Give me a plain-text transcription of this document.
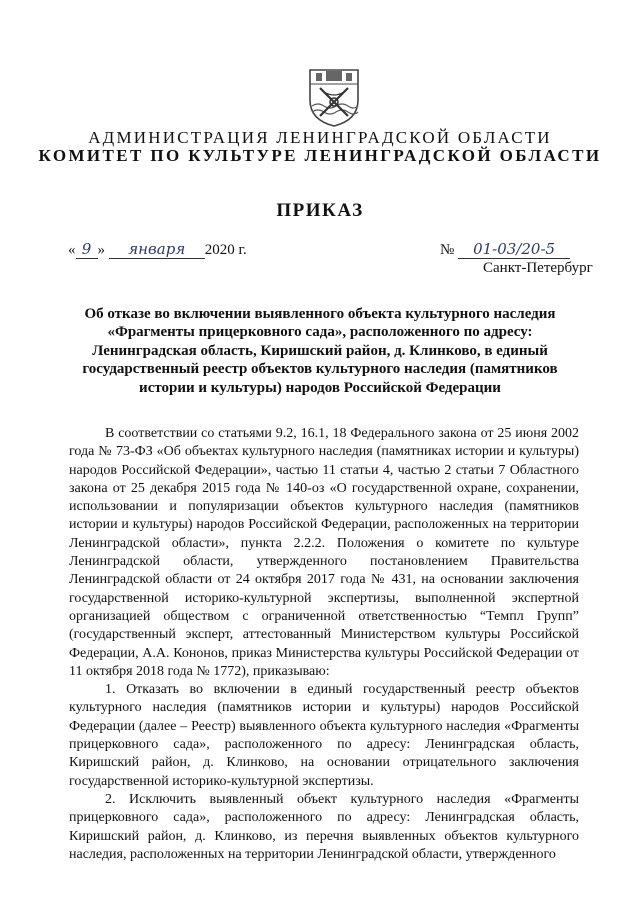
АДМИНИСТРАЦИЯ ЛЕНИНГРАДСКОЙ ОБЛАСТИ
КОМИТЕТ ПО КУЛЬТУРЕ ЛЕНИНГРАДСКОЙ ОБЛАСТИ
ПРИКАЗ
« 9 » января 2020 г.	№ 01-03/20-5
Санкт-Петербург
Об отказе во включении выявленного объекта культурного наследия «Фрагменты прицерковного сада», расположенного по адресу: Ленинградская область, Киришский район, д. Клинково, в единый государственный реестр объектов культурного наследия (памятников истории и культуры) народов Российской Федерации

В соответствии со статьями 9.2, 16.1, 18 Федерального закона от 25 июня 2002 года № 73-ФЗ «Об объектах культурного наследия (памятниках истории и культуры) народов Российской Федерации», частью 11 статьи 4, частью 2 статьи 7 Областного закона от 25 декабря 2015 года № 140-оз «О государственной охране, сохранении, использовании и популяризации объектов культурного наследия (памятников истории и культуры) народов Российской Федерации, расположенных на территории Ленинградской области», пункта 2.2.2. Положения о комитете по культуре Ленинградской области, утвержденного постановлением Правительства Ленинградской области от 24 октября 2017 года № 431, на основании заключения государственной историко-культурной экспертизы, выполненной экспертной организацией обществом с ограниченной ответственностью “Темпл Групп” (государственный эксперт, аттестованный Министерством культуры Российской Федерации, А.А. Кононов, приказ Министерства культуры Российской Федерации от 11 октября 2018 года № 1772), приказываю:

1. Отказать во включении в единый государственный реестр объектов культурного наследия (памятников истории и культуры) народов Российской Федерации (далее – Реестр) выявленного объекта культурного наследия «Фрагменты прицерковного сада», расположенного по адресу: Ленинградская область, Киришский район, д. Клинково, на основании отрицательного заключения государственной историко-культурной экспертизы.

2. Исключить выявленный объект культурного наследия «Фрагменты прицерковного сада», расположенного по адресу: Ленинградская область, Киришский район, д. Клинково, из перечня выявленных объектов культурного наследия, расположенных на территории Ленинградской области, утвержденного
